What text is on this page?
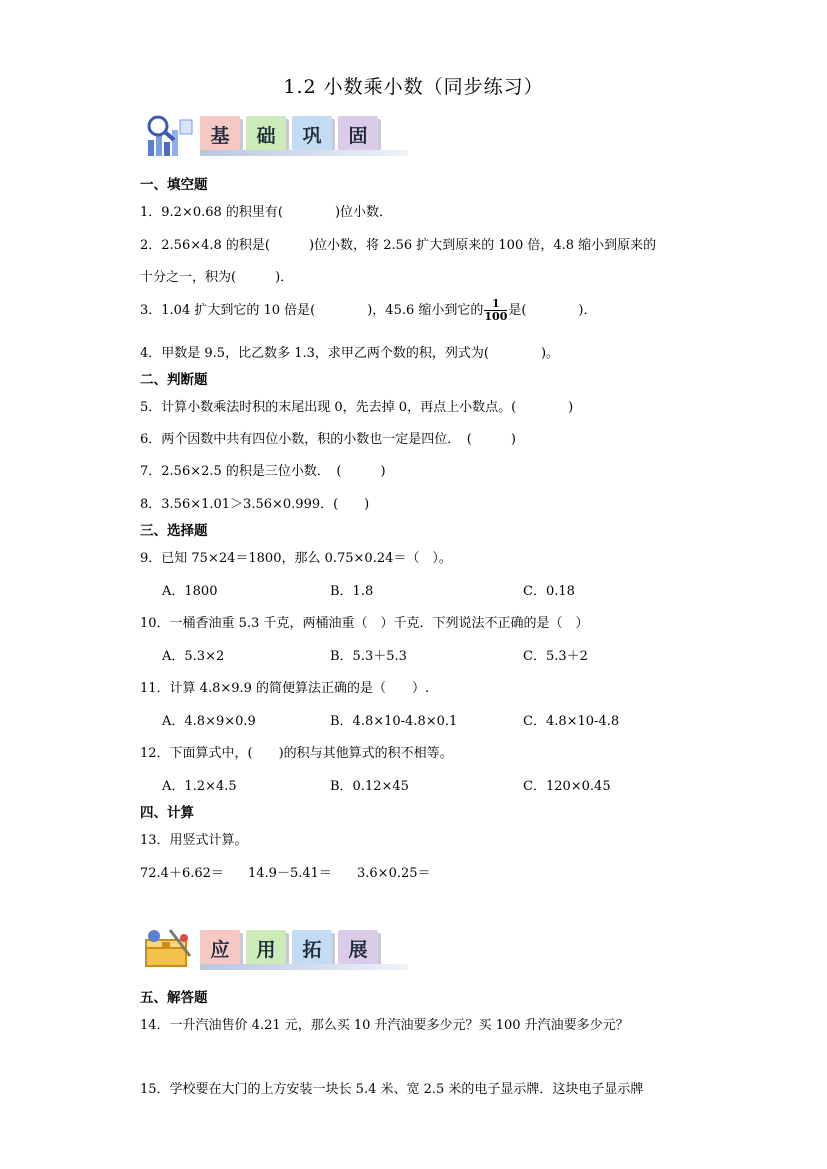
1.2 小数乘小数（同步练习）
基	础	巩	固
一、填空题
1．9.2×0.68 的积里有(　　　　)位小数．
2．2.56×4.8 的积是(　　　)位小数，将 2.56 扩大到原来的 100 倍，4.8 缩小到原来的
十分之一，积为(　　　)．
3．1.04 扩大到它的 10 倍是(　　　　)，45.6 缩小到它的 $\frac{1}{100}$ 是(　　　　)．
4．甲数是 9.5，比乙数多 1.3，求甲乙两个数的积，列式为(　　　　)。
二、判断题
5．计算小数乘法时积的末尾出现 0，先去掉 0，再点上小数点。(　　　　)
6．两个因数中共有四位小数，积的小数也一定是四位．　(　　　)
7．2.56×2.5 的积是三位小数．　(　　　)
8．3.56×1.01＞3.56×0.999．(　　)
三、选择题
9．已知 75×24＝1800，那么 0.75×0.24＝（　）。
A．1800	B．1.8	C．0.18
10．一桶香油重 5.3 千克，两桶油重（　）千克．下列说法不正确的是（　）
A．5.3×2	B．5.3＋5.3	C．5.3＋2
11．计算 4.8×9.9 的简便算法正确的是（　　）.
A．4.8×9×0.9	B．4.8×10-4.8×0.1	C．4.8×10-4.8
12．下面算式中，(　　)的积与其他算式的积不相等。
A．1.2×4.5	B．0.12×45	C．120×0.45
四、计算
13．用竖式计算。
72.4＋6.62＝ 14.9－5.41＝ 3.6×0.25＝
应	用	拓	展
五、解答题
14．一升汽油售价 4.21 元，那么买 10 升汽油要多少元？买 100 升汽油要多少元？
15．学校要在大门的上方安装一块长 5.4 米、宽 2.5 米的电子显示牌．这块电子显示牌
